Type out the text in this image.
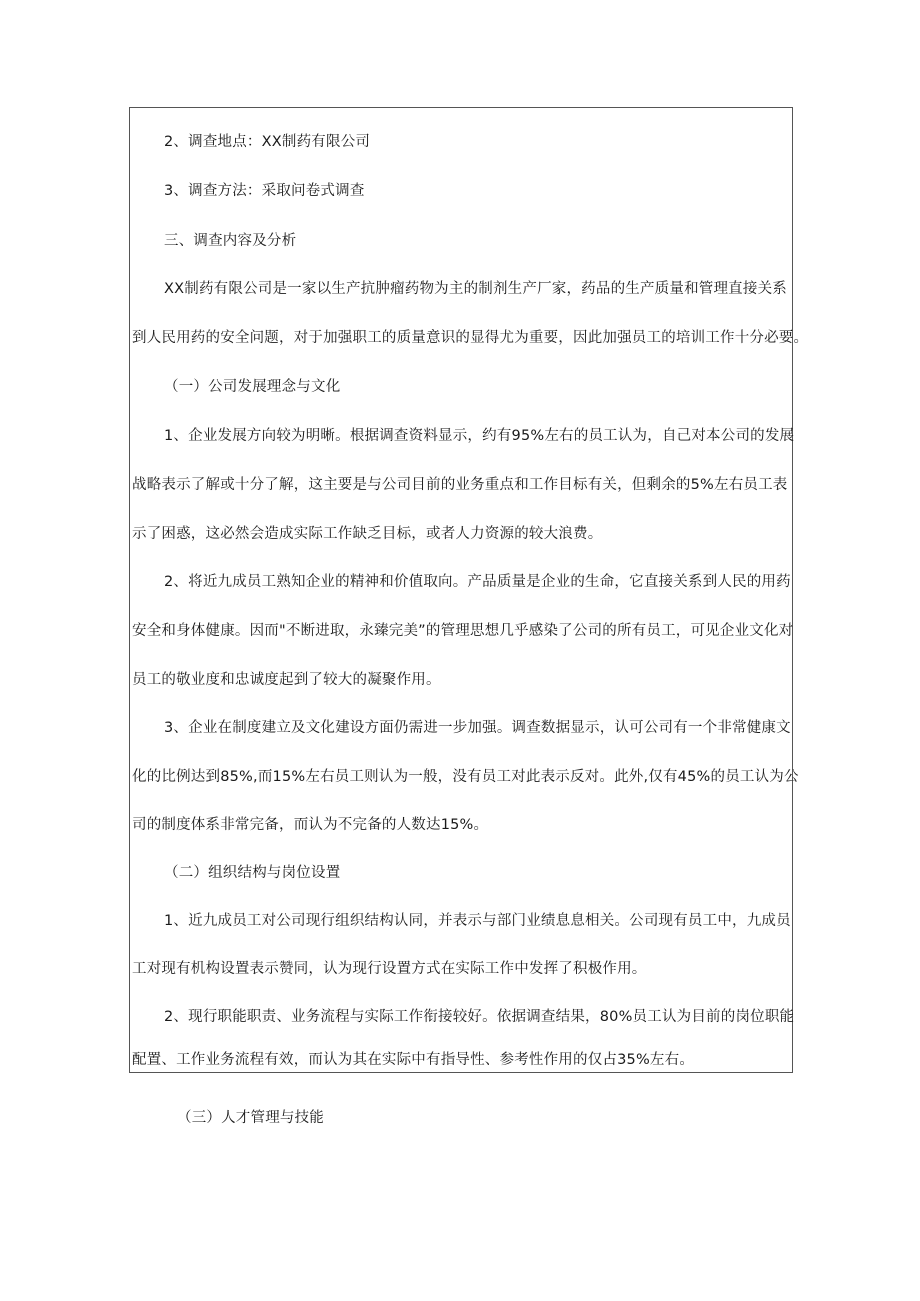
2、调查地点：XX制药有限公司

3、调查方法：采取问卷式调查

三、调查内容及分析

XX制药有限公司是一家以生产抗肿瘤药物为主的制剂生产厂家，药品的生产质量和管理直接关系

到人民用药的安全问题，对于加强职工的质量意识的显得尤为重要，因此加强员工的培训工作十分必要。

（一）公司发展理念与文化

1、企业发展方向较为明晰。根据调查资料显示，约有95%左右的员工认为，自己对本公司的发展

战略表示了解或十分了解，这主要是与公司目前的业务重点和工作目标有关，但剩余的5%左右员工表

示了困惑，这必然会造成实际工作缺乏目标，或者人力资源的较大浪费。

2、将近九成员工熟知企业的精神和价值取向。产品质量是企业的生命，它直接关系到人民的用药

安全和身体健康。因而"不断进取，永臻完美”的管理思想几乎感染了公司的所有员工，可见企业文化对

员工的敬业度和忠诚度起到了较大的凝聚作用。

3、企业在制度建立及文化建设方面仍需进一步加强。调查数据显示，认可公司有一个非常健康文

化的比例达到85%,而15%左右员工则认为一般，没有员工对此表示反对。此外,仅有45%的员工认为公

司的制度体系非常完备，而认为不完备的人数达15%。

（二）组织结构与岗位设置

1、近九成员工对公司现行组织结构认同，并表示与部门业绩息息相关。公司现有员工中，九成员

工对现有机构设置表示赞同，认为现行设置方式在实际工作中发挥了积极作用。

2、现行职能职责、业务流程与实际工作衔接较好。依据调查结果，80%员工认为目前的岗位职能

配置、工作业务流程有效，而认为其在实际中有指导性、参考性作用的仅占35%左右。

（三）人才管理与技能
